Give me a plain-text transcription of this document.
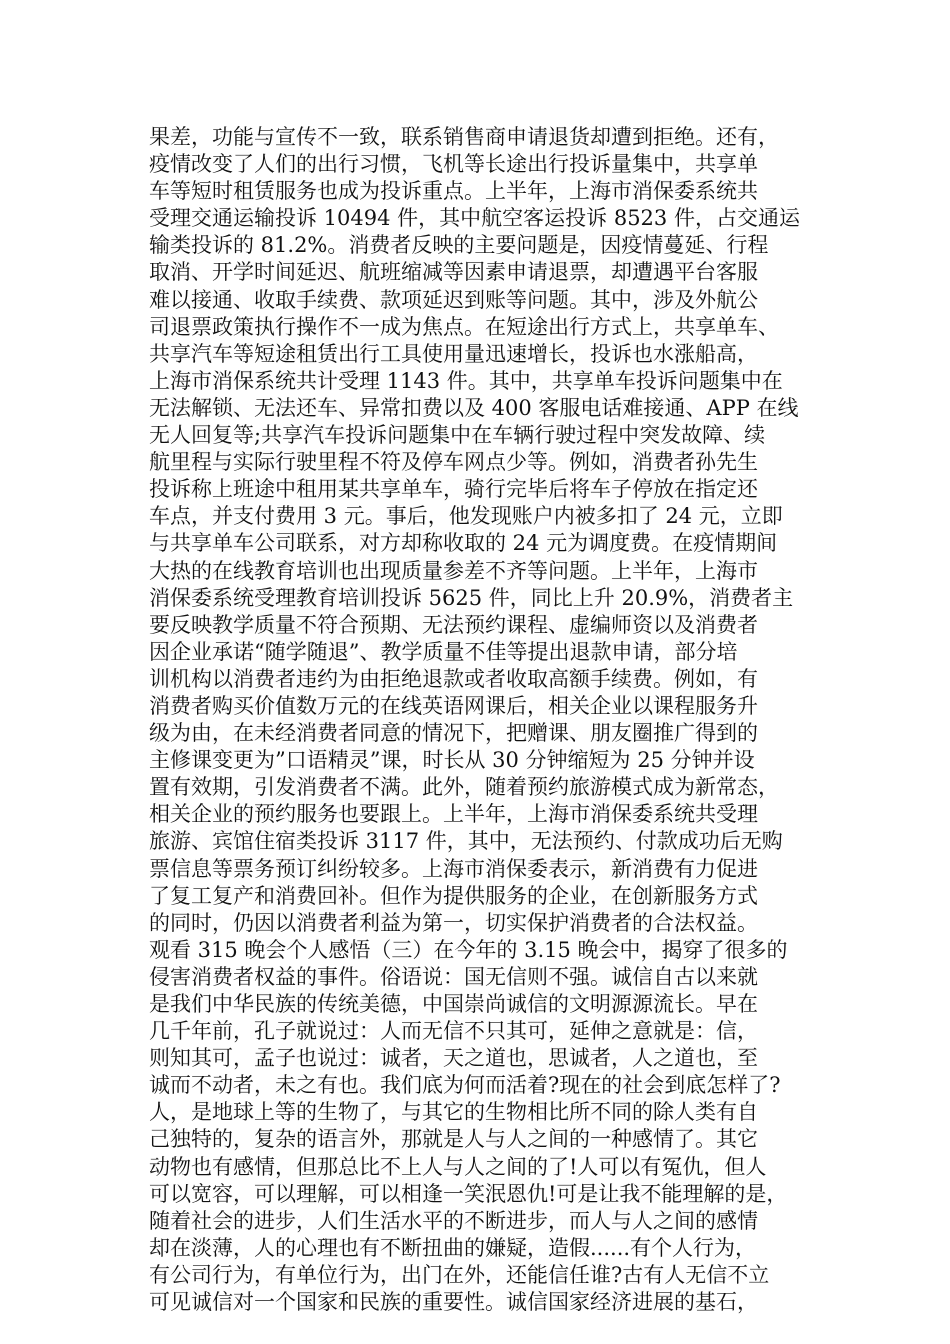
果差，功能与宣传不一致，联系销售商申请退货却遭到拒绝。还有，
疫情改变了人们的出行习惯，飞机等长途出行投诉量集中，共享单
车等短时租赁服务也成为投诉重点。上半年，上海市消保委系统共
受理交通运输投诉 10494 件，其中航空客运投诉 8523 件，占交通运
输类投诉的 81.2%。消费者反映的主要问题是，因疫情蔓延、行程
取消、开学时间延迟、航班缩减等因素申请退票，却遭遇平台客服
难以接通、收取手续费、款项延迟到账等问题。其中，涉及外航公
司退票政策执行操作不一成为焦点。在短途出行方式上，共享单车、
共享汽车等短途租赁出行工具使用量迅速增长，投诉也水涨船高，
上海市消保系统共计受理 1143 件。其中，共享单车投诉问题集中在
无法解锁、无法还车、异常扣费以及 400 客服电话难接通、APP 在线
无人回复等;共享汽车投诉问题集中在车辆行驶过程中突发故障、续
航里程与实际行驶里程不符及停车网点少等。例如，消费者孙先生
投诉称上班途中租用某共享单车，骑行完毕后将车子停放在指定还
车点，并支付费用 3 元。事后，他发现账户内被多扣了 24 元，立即
与共享单车公司联系，对方却称收取的 24 元为调度费。在疫情期间
大热的在线教育培训也出现质量参差不齐等问题。上半年，上海市
消保委系统受理教育培训投诉 5625 件，同比上升 20.9%，消费者主
要反映教学质量不符合预期、无法预约课程、虚编师资以及消费者
因企业承诺“随学随退”、教学质量不佳等提出退款申请，部分培
训机构以消费者违约为由拒绝退款或者收取高额手续费。例如，有
消费者购买价值数万元的在线英语网课后，相关企业以课程服务升
级为由，在未经消费者同意的情况下，把赠课、朋友圈推广得到的
主修课变更为”口语精灵”课，时长从 30 分钟缩短为 25 分钟并设
置有效期，引发消费者不满。此外，随着预约旅游模式成为新常态，
相关企业的预约服务也要跟上。上半年，上海市消保委系统共受理
旅游、宾馆住宿类投诉 3117 件，其中，无法预约、付款成功后无购
票信息等票务预订纠纷较多。上海市消保委表示，新消费有力促进
了复工复产和消费回补。但作为提供服务的企业，在创新服务方式
的同时，仍因以消费者利益为第一，切实保护消费者的合法权益。
观看 315 晚会个人感悟（三）在今年的 3.15 晚会中，揭穿了很多的
侵害消费者权益的事件。俗语说：国无信则不强。诚信自古以来就
是我们中华民族的传统美德，中国崇尚诚信的文明源源流长。早在
几千年前，孔子就说过：人而无信不只其可，延伸之意就是：信，
则知其可，孟子也说过：诚者，天之道也，思诚者，人之道也，至
诚而不动者，未之有也。我们底为何而活着?现在的社会到底怎样了?
人，是地球上等的生物了，与其它的生物相比所不同的除人类有自
己独特的，复杂的语言外，那就是人与人之间的一种感情了。其它
动物也有感情，但那总比不上人与人之间的了!人可以有冤仇，但人
可以宽容，可以理解，可以相逢一笑泯恩仇!可是让我不能理解的是，
随着社会的进步，人们生活水平的不断进步，而人与人之间的感情
却在淡薄，人的心理也有不断扭曲的嫌疑，造假......有个人行为，
有公司行为，有单位行为，出门在外，还能信任谁?古有人无信不立
可见诚信对一个国家和民族的重要性。诚信国家经济进展的基石，
